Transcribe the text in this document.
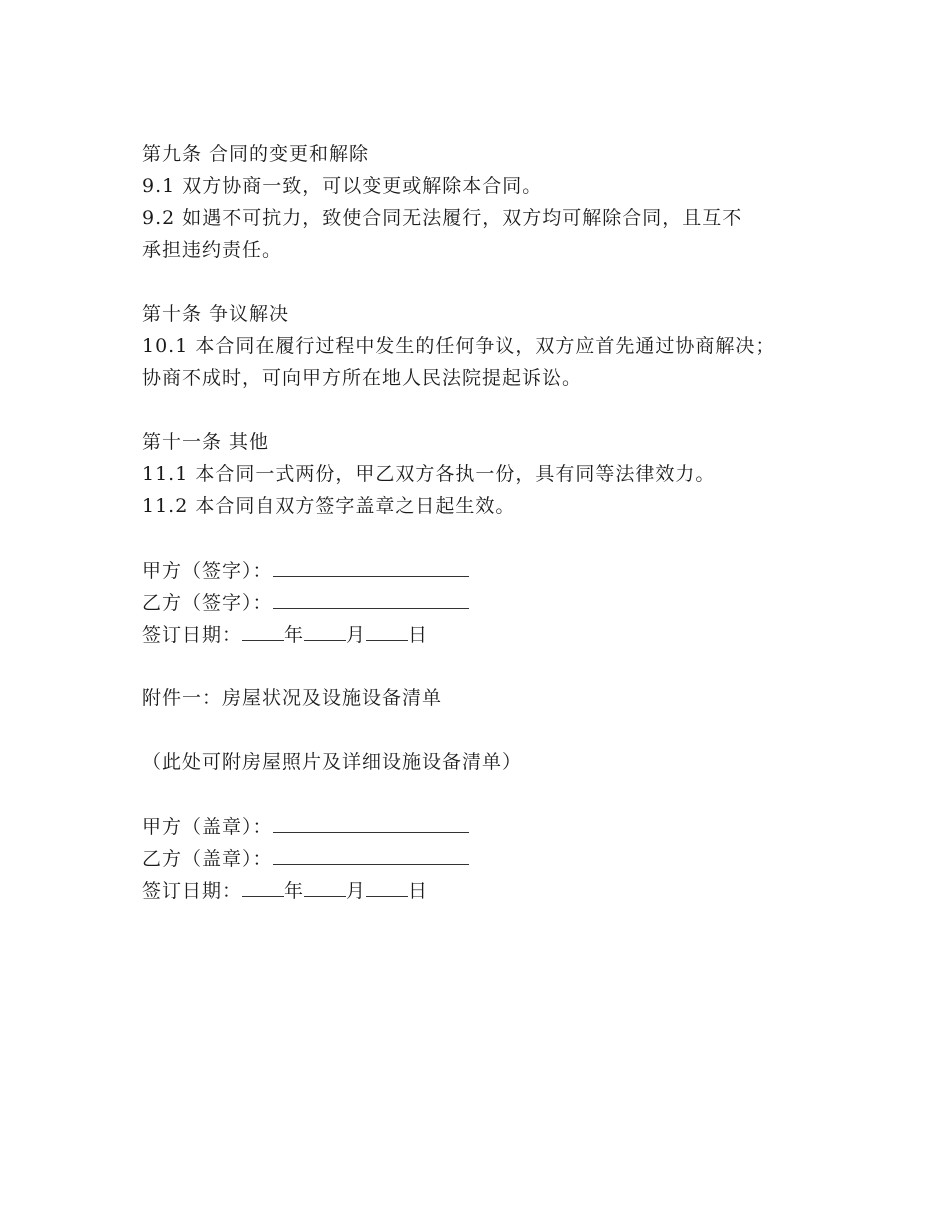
第九条 合同的变更和解除
9.1 双方协商一致，可以变更或解除本合同。
9.2 如遇不可抗力，致使合同无法履行，双方均可解除合同，且互不
承担违约责任。
第十条 争议解决
10.1 本合同在履行过程中发生的任何争议，双方应首先通过协商解决；
协商不成时，可向甲方所在地人民法院提起诉讼。
第十一条 其他
11.1 本合同一式两份，甲乙双方各执一份，具有同等法律效力。
11.2 本合同自双方签字盖章之日起生效。
甲方（签字）：
乙方（签字）：
签订日期： 年 月 日
附件一：房屋状况及设施设备清单
（此处可附房屋照片及详细设施设备清单）
甲方（盖章）：
乙方（盖章）：
签订日期： 年 月 日
